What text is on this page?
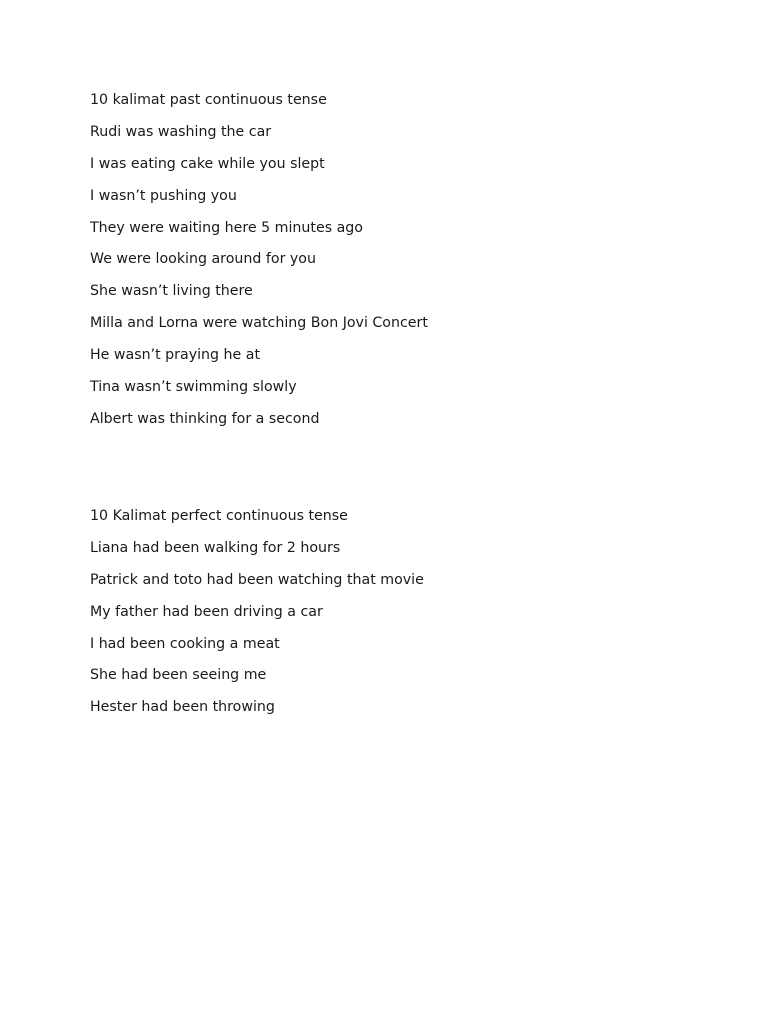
10 kalimat past continuous tense
Rudi was washing the car
I was eating cake while you slept
I wasn’t pushing you
They were waiting here 5 minutes ago
We were looking around for you
She wasn’t living there
Milla and Lorna were watching Bon Jovi Concert
He wasn’t praying he at
Tina wasn’t swimming slowly
Albert was thinking for a second
10 Kalimat perfect continuous tense
Liana had been walking for 2 hours
Patrick and toto had been watching that movie
My father had been driving a car
I had been cooking a meat
She had been seeing me
Hester had been throwing
